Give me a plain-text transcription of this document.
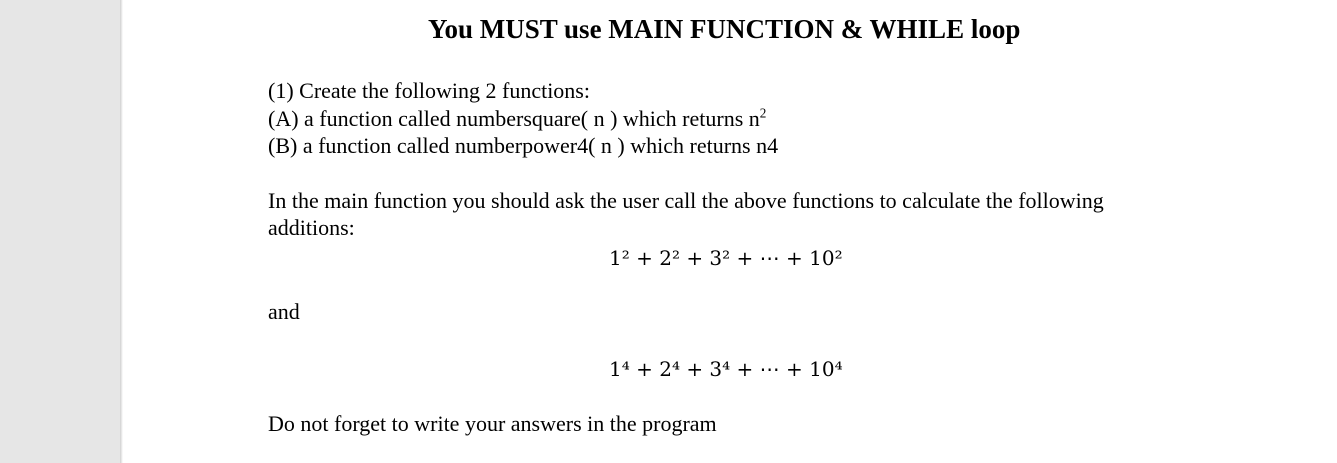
You MUST use MAIN FUNCTION & WHILE loop
(1) Create the following 2 functions:
(A) a function called numbersquare( n ) which returns $n^2$
(B) a function called numberpower4( n ) which returns n4
In the main function you should ask the user call the above functions to calculate the following
additions:
1² + 2² + 3² + ⋯ + 10²
and
1⁴ + 2⁴ + 3⁴ + ⋯ + 10⁴
Do not forget to write your answers in the program
